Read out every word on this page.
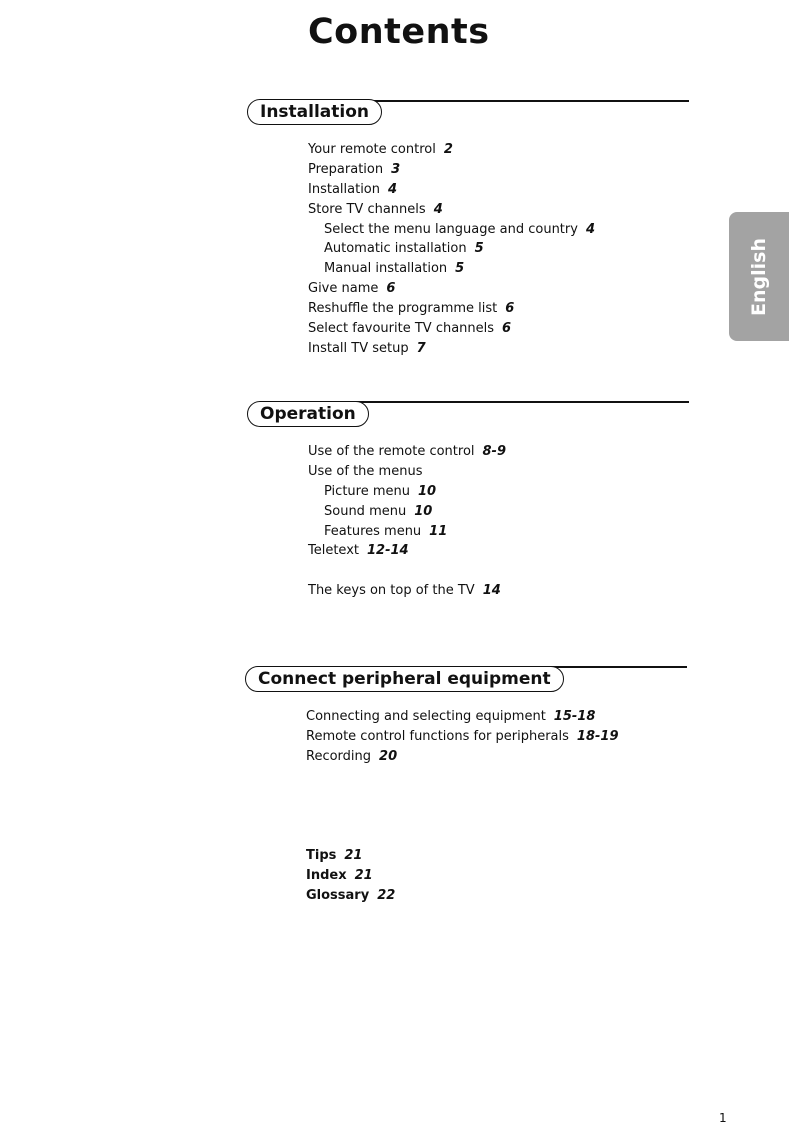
Contents
Installation
Your remote control 2
Preparation 3
Installation 4
Store TV channels 4
Select the menu language and country 4
Automatic installation 5
Manual installation 5
Give name 6
Reshuffle the programme list 6
Select favourite TV channels 6
Install TV setup 7
Operation
Use of the remote control 8-9
Use of the menus
Picture menu 10
Sound menu 10
Features menu 11
Teletext 12-14
The keys on top of the TV 14
Connect peripheral equipment
Connecting and selecting equipment 15-18
Remote control functions for peripherals 18-19
Recording 20
Tips 21
Index 21
Glossary 22
English
1
